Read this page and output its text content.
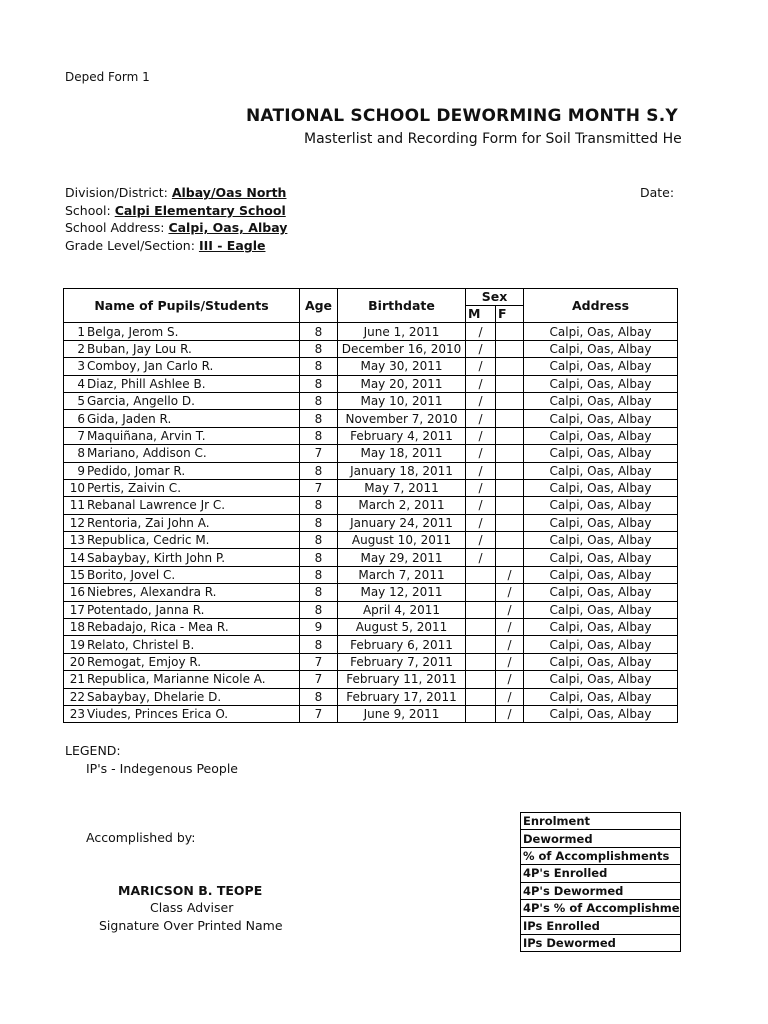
Deped Form 1
NATIONAL SCHOOL DEWORMING MONTH S.Y
Masterlist and Recording Form for Soil Transmitted He
Division/District: Albay/Oas North
School: Calpi Elementary School
School Address: Calpi, Oas, Albay
Grade Level/Section: III - Eagle
Date:
Name of Pupils/Students		Age	Birthdate	Sex		Address
				M	F	
1	Belga, Jerom S.	8	June 1, 2011	/		Calpi, Oas, Albay
2	Buban, Jay Lou R.	8	December 16, 2010	/		Calpi, Oas, Albay
3	Comboy, Jan Carlo R.	8	May 30, 2011	/		Calpi, Oas, Albay
4	Diaz, Phill Ashlee B.	8	May 20, 2011	/		Calpi, Oas, Albay
5	Garcia, Angello D.	8	May 10, 2011	/		Calpi, Oas, Albay
6	Gida, Jaden R.	8	November 7, 2010	/		Calpi, Oas, Albay
7	Maquiñana, Arvin T.	8	February 4, 2011	/		Calpi, Oas, Albay
8	Mariano, Addison C.	7	May 18, 2011	/		Calpi, Oas, Albay
9	Pedido, Jomar R.	8	January 18, 2011	/		Calpi, Oas, Albay
10	Pertis, Zaivin C.	7	May 7, 2011	/		Calpi, Oas, Albay
11	Rebanal Lawrence Jr C.	8	March 2, 2011	/		Calpi, Oas, Albay
12	Rentoria, Zai John A.	8	January 24, 2011	/		Calpi, Oas, Albay
13	Republica, Cedric M.	8	August 10, 2011	/		Calpi, Oas, Albay
14	Sabaybay, Kirth John P.	8	May 29, 2011	/		Calpi, Oas, Albay
15	Borito, Jovel C.	8	March 7, 2011		/	Calpi, Oas, Albay
16	Niebres, Alexandra R.	8	May 12, 2011		/	Calpi, Oas, Albay
17	Potentado, Janna R.	8	April 4, 2011		/	Calpi, Oas, Albay
18	Rebadajo, Rica - Mea R.	9	August 5, 2011		/	Calpi, Oas, Albay
19	Relato, Christel B.	8	February 6, 2011		/	Calpi, Oas, Albay
20	Remogat, Emjoy R.	7	February 7, 2011		/	Calpi, Oas, Albay
21	Republica, Marianne Nicole A.	7	February 11, 2011		/	Calpi, Oas, Albay
22	Sabaybay, Dhelarie D.	8	February 17, 2011		/	Calpi, Oas, Albay
23	Viudes, Princes Erica O.	7	June 9, 2011		/	Calpi, Oas, Albay
LEGEND:
IP's - Indegenous People
Accomplished by:
MARICSON B. TEOPE
Class Adviser
Signature Over Printed Name
Enrolment
Dewormed
% of Accomplishments
4P's Enrolled
4P's Dewormed
4P's % of Accomplishme
IPs Enrolled
IPs Dewormed
